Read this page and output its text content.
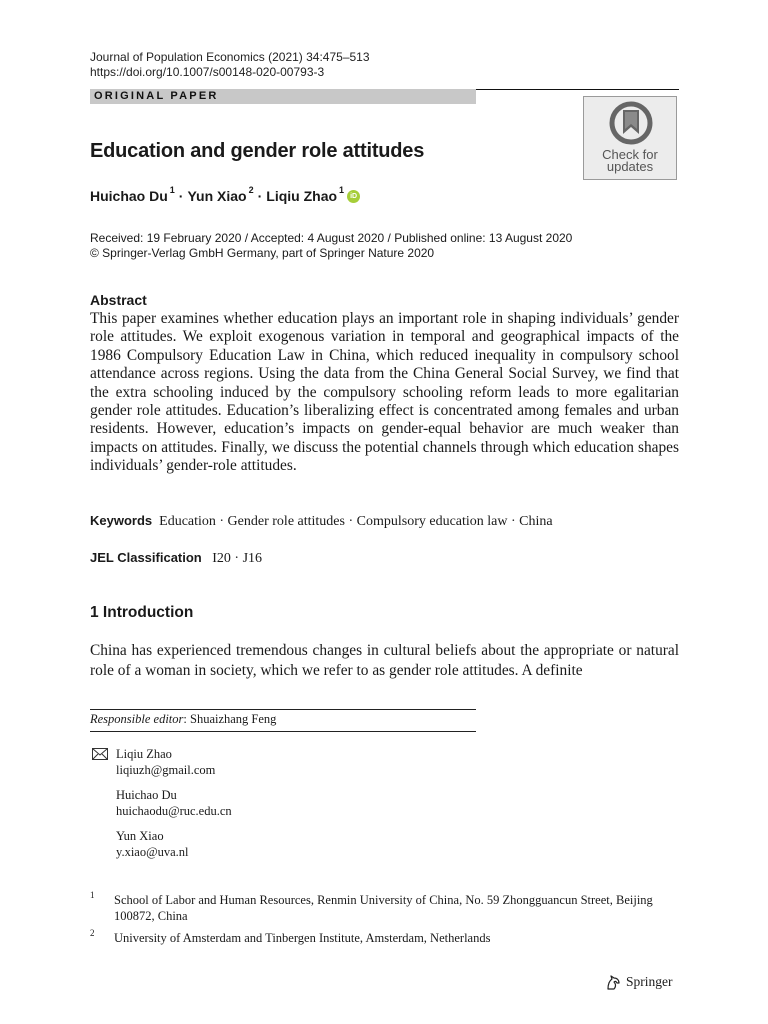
Journal of Population Economics (2021) 34:475–513
https://doi.org/10.1007/s00148-020-00793-3
ORIGINAL PAPER
Check for
updates
Education and gender role attitudes
Huichao $Du^1$ · Yun Xiao$^2$ · Liqiu Zhao$^1$
iD
Received: 19 February 2020 / Accepted: 4 August 2020 / Published online: 13 August 2020
© Springer-Verlag GmbH Germany, part of Springer Nature 2020
Abstract
This paper examines whether education plays an important role in shaping individuals’ gender role attitudes. We exploit exogenous variation in temporal and geographical impacts of the 1986 Compulsory Education Law in China, which reduced inequality in compulsory school attendance across regions. Using the data from the China General Social Survey, we find that the extra schooling induced by the compulsory schooling reform leads to more egalitarian gender role attitudes. Education’s liberalizing effect is concentrated among females and urban residents. However, education’s impacts on gender-equal behavior are much weaker than impacts on attitudes. Finally, we discuss the potential channels through which education shapes individuals’ gender-role attitudes.
Keywords Education · Gender role attitudes · Compulsory education law · China
JEL Classification I20 · J16
1 Introduction
China has experienced tremendous changes in cultural beliefs about the appropriate or natural role of a woman in society, which we refer to as gender role attitudes. A definite
Responsible editor: Shuaizhang Feng
Liqiu Zhao
liqiuzh@gmail.com
Huichao Du
huichaodu@ruc.edu.cn
Yun Xiao
y.xiao@uva.nl
1 School of Labor and Human Resources, Renmin University of China, No. 59 Zhongguancun Street, Beijing 100872, China
2 University of Amsterdam and Tinbergen Institute, Amsterdam, Netherlands
Springer
